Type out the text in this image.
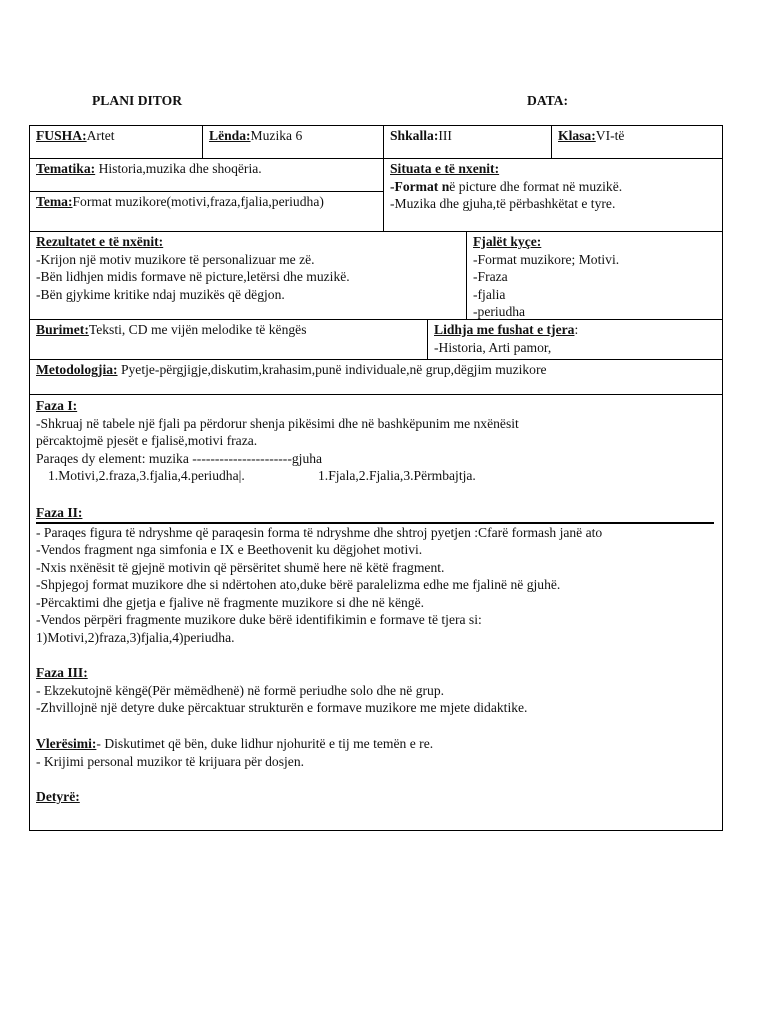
PLANI DITOR	DATA:
FUSHA:Artet	Lënda:Muzika 6	Shkalla:III	Klasa:VI-të
Tematika: Historia,muzika dhe shoqëria.
Tema:Format muzikore(motivi,fraza,fjalia,periudha)
Situata e të nxenit:
-Format në picture dhe format në muzikë.
-Muzika dhe gjuha,të përbashkëtat e tyre.
Rezultatet e të nxënit:
-Krijon një motiv muzikore të personalizuar me zë.
-Bën lidhjen midis formave në picture,letërsi dhe muzikë.
-Bën gjykime kritike ndaj muzikës që dëgjon.
Fjalët kyçe:
-Format muzikore; Motivi.
-Fraza
-fjalia
-periudha
Burimet:Teksti, CD me vijën melodike të këngës	Lidhja me fushat e tjera:
-Historia, Arti pamor,
Metodologjia: Pyetje-përgjigje,diskutim,krahasim,punë individuale,në grup,dëgjim muzikore
Faza I:
-Shkruaj në tabele një fjali pa përdorur shenja pikësimi dhe në bashkëpunim me nxënësit
përcaktojmë pjesët e fjalisë,motivi fraza.
Paraqes dy element: muzika ----------------------gjuha
1.Motivi,2.fraza,3.fjalia,4.periudha|.	1.Fjala,2.Fjalia,3.Përmbajtja.
Faza II:
- Paraqes figura të ndryshme që paraqesin forma të ndryshme dhe shtroj pyetjen :Cfarë formash janë ato
-Vendos fragment nga simfonia e IX e Beethovenit ku dëgjohet motivi.
-Nxis nxënësit të gjejnë motivin që përsëritet shumë here në këtë fragment.
-Shpjegoj format muzikore dhe si ndërtohen ato,duke bërë paralelizma edhe me fjalinë në gjuhë.
-Përcaktimi dhe gjetja e fjalive në fragmente muzikore si dhe në këngë.
-Vendos përpëri fragmente muzikore duke bërë identifikimin e formave të tjera si:
1)Motivi,2)fraza,3)fjalia,4)periudha.
Faza III:
- Ekzekutojnë këngë(Për mëmëdhenë) në formë periudhe solo dhe në grup.
-Zhvillojnë një detyre duke përcaktuar strukturën e formave muzikore me mjete didaktike.
Vlerësimi:- Diskutimet që bën, duke lidhur njohuritë e tij me temën e re.
- Krijimi personal muzikor të krijuara për dosjen.
Detyrë:
